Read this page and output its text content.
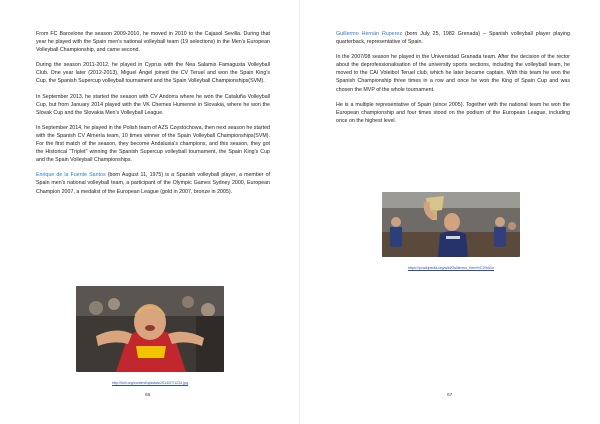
From FC Barcelone the season 2009-2010, he moved in 2010 to the Cajasol Sevilla. During that year he played with the Spain men's national volleyball team (19 selections) in the Men's European Volleyball Championship, and came second.

During the season 2011-2012, he played in Cyprus with the Nea Salamis Famagusta Volleyball Club. One year later (2012-2013), Miguel Ángel joined the CV Teruel and won the Spain King's Cup, the Spanish Supercup volleyball tournament and the Spain Volleyball Championships(SVM).

In September 2013, he started the season with CV Andorra where he won the Cataluña Volleyball Cup, but from January 2014 played with the VK Chemes Humenné in Slovakia, where he won the Slovak Cup and the Slovakia Men's Volleyball League.

In September 2014, he played in the Polish team of AZS Częstochowa, then next season he started with the Spanish CV Almería team, 10 times winner of the Spain Volleyball Championships(SVM). For the first match of the season, they become Andalusia's champions, and this season, they got the Historical "Triplet" winning the Spanish Supercup volleyball tournament, the Spain King's Cup and the Spain Volleyball Championships.

Enrique de la Fuente Santos (born August 11, 1975) is a Spanish volleyball player, a member of Spain men's national volleyball team, a participant of the Olympic Games Sydney 2000, European Champion 2007, a medalist of the European League (gold in 2007, bronze in 2005).

http://fivb.org/content/uploads/2014/07/1234.jpg
66

Guillermo Hernán Ruperez (born July 25, 1982 Grenada) – Spanish volleyball player playing quarterback, representative of Spain.

In the 2007/08 season he played in the Universidad Granada team. After the decision of the rector about the deprofessionalisation of the university sports sections, including the volleyball team, he moved to the CAI Voleibol Teruel club, which he later became captain. With this team he won the Spanish Championship three times in a row and once he won the King of Spain Cup and was chosen the MVP of the whole tournament.

He is a multiple representative of Spain (since 2005). Together with the national team he won the European championship and four times stood on the podium of the European League, including once on the highest level.

https://pl.wikipedia.org/wiki/Guillermo_Hern%C3%A1n
67
